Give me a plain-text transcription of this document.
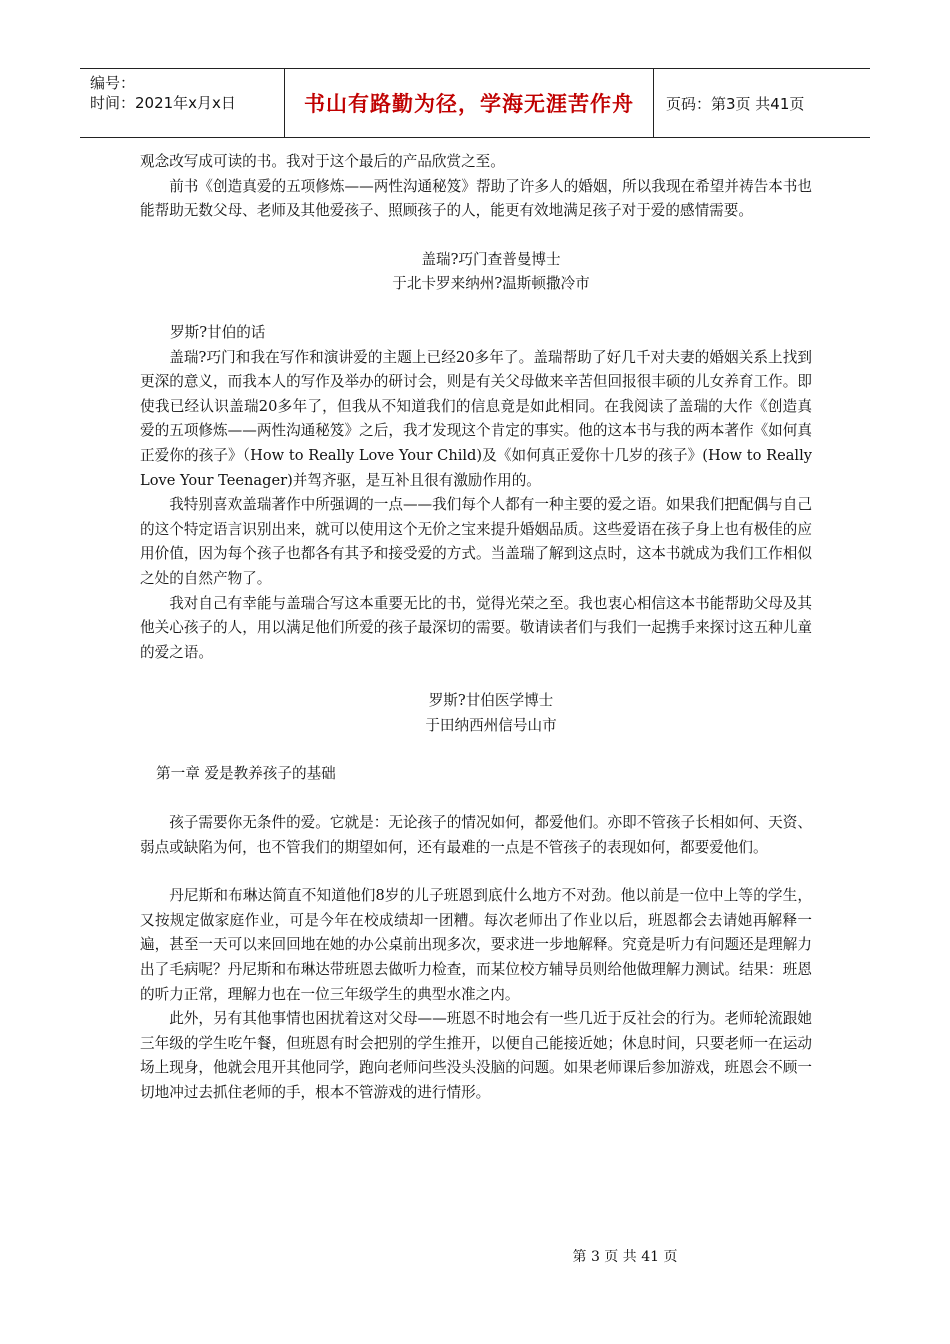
编号：
时间：2021年x月x日	书山有路勤为径，学海无涯苦作舟	页码：第3页 共41页

观念改写成可读的书。我对于这个最后的产品欣赏之至。

前书《创造真爱的五项修炼——两性沟通秘笈》帮助了许多人的婚姻，所以我现在希望并祷告本书也能帮助无数父母、老师及其他爱孩子、照顾孩子的人，能更有效地满足孩子对于爱的感情需要。

盖瑞?巧门查普曼博士

于北卡罗来纳州?温斯顿撒冷市

罗斯?甘伯的话

盖瑞?巧门和我在写作和演讲爱的主题上已经20多年了。盖瑞帮助了好几千对夫妻的婚姻关系上找到更深的意义，而我本人的写作及举办的研讨会，则是有关父母做来辛苦但回报很丰硕的儿女养育工作。即使我已经认识盖瑞20多年了，但我从不知道我们的信息竟是如此相同。在我阅读了盖瑞的大作《创造真爱的五项修炼——两性沟通秘笈》之后，我才发现这个肯定的事实。他的这本书与我的两本著作《如何真正爱你的孩子》（How to Really Love Your Child)及《如何真正爱你十几岁的孩子》(How to Really Love Your Teenager)并驾齐驱，是互补且很有激励作用的。

我特别喜欢盖瑞著作中所强调的一点——我们每个人都有一种主要的爱之语。如果我们把配偶与自己的这个特定语言识别出来，就可以使用这个无价之宝来提升婚姻品质。这些爱语在孩子身上也有极佳的应用价值，因为每个孩子也都各有其予和接受爱的方式。当盖瑞了解到这点时，这本书就成为我们工作相似之处的自然产物了。

我对自己有幸能与盖瑞合写这本重要无比的书，觉得光荣之至。我也衷心相信这本书能帮助父母及其他关心孩子的人，用以满足他们所爱的孩子最深切的需要。敬请读者们与我们一起携手来探讨这五种儿童的爱之语。

罗斯?甘伯医学博士

于田纳西州信号山市

第一章 爱是教养孩子的基础

孩子需要你无条件的爱。它就是：无论孩子的情况如何，都爱他们。亦即不管孩子长相如何、天资、弱点或缺陷为何，也不管我们的期望如何，还有最难的一点是不管孩子的表现如何，都要爱他们。

丹尼斯和布琳达简直不知道他们8岁的儿子班恩到底什么地方不对劲。他以前是一位中上等的学生，又按规定做家庭作业，可是今年在校成绩却一团糟。每次老师出了作业以后，班恩都会去请她再解释一遍，甚至一天可以来回回地在她的办公桌前出现多次，要求进一步地解释。究竟是听力有问题还是理解力出了毛病呢？丹尼斯和布琳达带班恩去做听力检查，而某位校方辅导员则给他做理解力测试。结果：班恩的听力正常，理解力也在一位三年级学生的典型水准之内。

此外，另有其他事情也困扰着这对父母——班恩不时地会有一些几近于反社会的行为。老师轮流跟她三年级的学生吃午餐，但班恩有时会把别的学生推开，以便自己能接近她；休息时间，只要老师一在运动场上现身，他就会甩开其他同学，跑向老师问些没头没脑的问题。如果老师课后参加游戏，班恩会不顾一切地冲过去抓住老师的手，根本不管游戏的进行情形。

第 3 页 共 41 页
